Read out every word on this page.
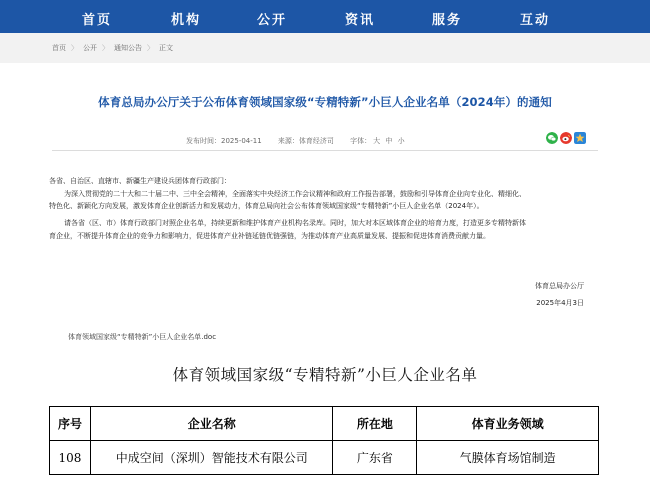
首页	机构	公开	资讯	服务	互动
首页 〉 公开 〉 通知公告 〉 正文
体育总局办公厅关于公布体育领域国家级“专精特新”小巨人企业名单（2024年）的通知
发布时间：2025-04-11 来源：体育经济司 字体： 大 中 小
各省、自治区、直辖市、新疆生产建设兵团体育行政部门：
为深入贯彻党的二十大和二十届二中、三中全会精神，全面落实中央经济工作会议精神和政府工作报告部署，鼓励和引导体育企业向专业化、精细化、
特色化、新颖化方向发展，激发体育企业创新活力和发展动力，体育总局向社会公布体育领域国家级“专精特新”小巨人企业名单（2024年）。
请各省（区、市）体育行政部门对照企业名单，持续更新和维护体育产业机构名录库。同时，加大对本区域体育企业的培育力度，打造更多专精特新体
育企业，不断提升体育企业的竞争力和影响力，促进体育产业补链延链优链强链，为推动体育产业高质量发展、提振和促进体育消费贡献力量。
体育总局办公厅
2025年4月3日
体育领域国家级“专精特新”小巨人企业名单.doc
体育领域国家级“专精特新”小巨人企业名单
序号	企业名称	所在地	体育业务领域
108	中成空间（深圳）智能技术有限公司	广东省	气膜体育场馆制造
